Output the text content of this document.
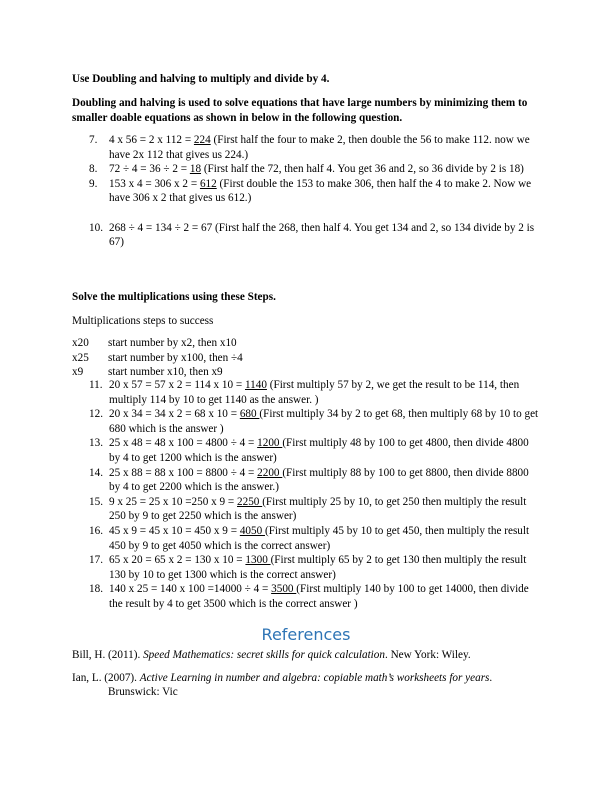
Use Doubling and halving to multiply and divide by 4.

Doubling and halving is used to solve equations that have large numbers by minimizing them to smaller doable equations as shown in below in the following question.

7. 4 x 56 = 2 x 112 = 224 (First half the four to make 2, then double the 56 to make 112. now we have 2x 112 that gives us 224.)
8. 72 ÷ 4 = 36 ÷ 2 = 18 (First half the 72, then half 4. You get 36 and 2, so 36 divide by 2 is 18)
9. 153 x 4 = 306 x 2 = 612 (First double the 153 to make 306, then half the 4 to make 2. Now we have 306 x 2 that gives us 612.)
10. 268 ÷ 4 = 134 ÷ 2 = 67 (First half the 268, then half 4. You get 134 and 2, so 134 divide by 2 is 67)

Solve the multiplications using these Steps.

Multiplications steps to success

x20 start number by x2, then x10
x25 start number by x100, then ÷4
x9 start number x10, then x9
11. 20 x 57 = 57 x 2 = 114 x 10 = 1140 (First multiply 57 by 2, we get the result to be 114, then multiply 114 by 10 to get 1140 as the answer. )
12. 20 x 34 = 34 x 2 = 68 x 10 = 680 (First multiply 34 by 2 to get 68, then multiply 68 by 10 to get 680 which is the answer )
13. 25 x 48 = 48 x 100 = 4800 ÷ 4 = 1200 (First multiply 48 by 100 to get 4800, then divide 4800 by 4 to get 1200 which is the answer)
14. 25 x 88 = 88 x 100 = 8800 ÷ 4 = 2200 (First multiply 88 by 100 to get 8800, then divide 8800 by 4 to get 2200 which is the answer.)
15. 9 x 25 = 25 x 10 =250 x 9 = 2250 (First multiply 25 by 10, to get 250 then multiply the result 250 by 9 to get 2250 which is the answer)
16. 45 x 9 = 45 x 10 = 450 x 9 = 4050 (First multiply 45 by 10 to get 450, then multiply the result 450 by 9 to get 4050 which is the correct answer)
17. 65 x 20 = 65 x 2 = 130 x 10 = 1300 (First multiply 65 by 2 to get 130 then multiply the result 130 by 10 to get 1300 which is the correct answer)
18. 140 x 25 = 140 x 100 =14000 ÷ 4 = 3500 (First multiply 140 by 100 to get 14000, then divide the result by 4 to get 3500 which is the correct answer )
References

Bill, H. (2011). Speed Mathematics: secret skills for quick calculation. New York: Wiley.

Ian, L. (2007). Active Learning in number and algebra: copiable math’s worksheets for years. Brunswick: Vic
